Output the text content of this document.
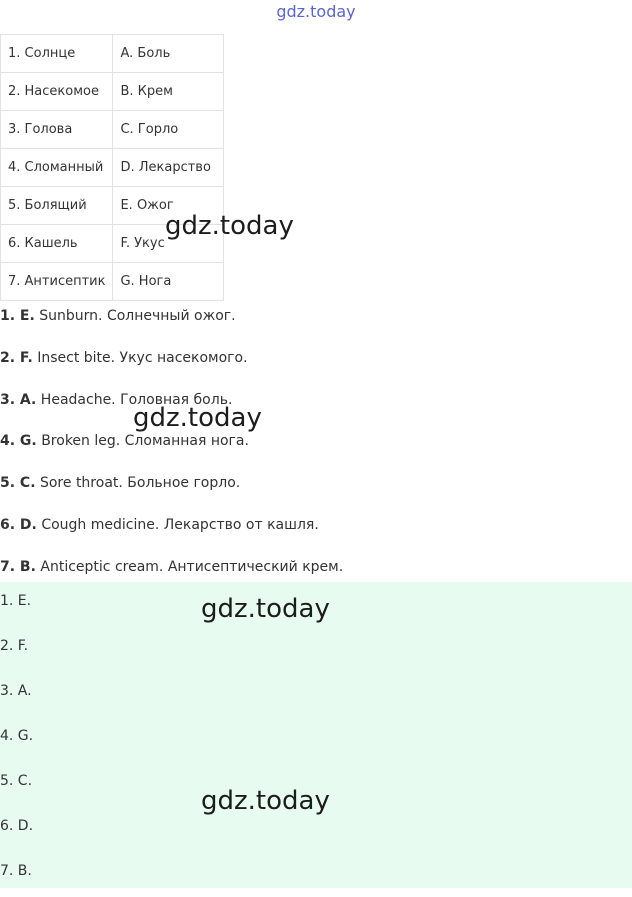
gdz.today
1. Солнце	A. Боль
2. Насекомое	B. Крем
3. Голова	C. Горло
4. Сломанный	D. Лекарство
5. Болящий	E. Ожог
6. Кашель	F. Укус
7. Антисептик	G. Нога
1. E. Sunburn. Солнечный ожог.
2. F. Insect bite. Укус насекомого.
3. A. Headache. Головная боль.
4. G. Broken leg. Сломанная нога.
5. C. Sore throat. Больное горло.
6. D. Cough medicine. Лекарство от кашля.
7. B. Anticeptic cream. Антисептический крем.
1. E.
2. F.
3. A.
4. G.
5. C.
6. D.
7. B.
gdz.today
gdz.today
gdz.today
gdz.today
